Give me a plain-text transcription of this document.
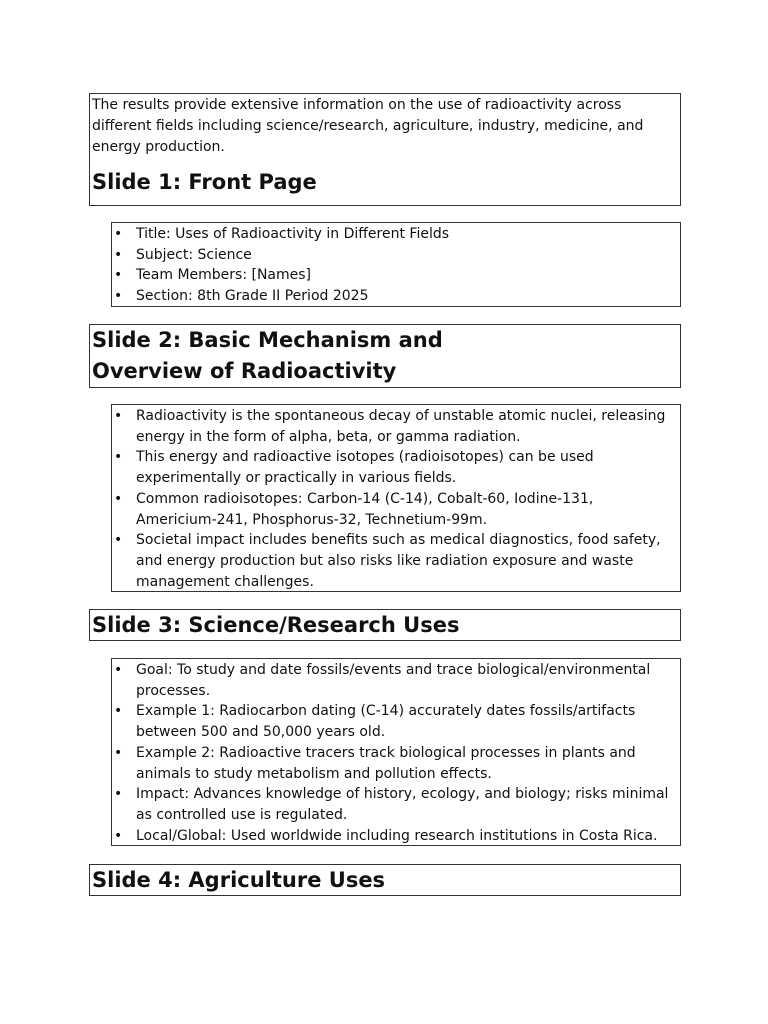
The results provide extensive information on the use of radioactivity across different fields including science/research, agriculture, industry, medicine, and energy production.

Slide 1: Front Page
• Title: Uses of Radioactivity in Different Fields
• Subject: Science
• Team Members: [Names]
• Section: 8th Grade II Period 2025
Slide 2: Basic Mechanism and Overview of Radioactivity
• Radioactivity is the spontaneous decay of unstable atomic nuclei, releasing energy in the form of alpha, beta, or gamma radiation.
• This energy and radioactive isotopes (radioisotopes) can be used experimentally or practically in various fields.
• Common radioisotopes: Carbon-14 (C-14), Cobalt-60, Iodine-131, Americium-241, Phosphorus-32, Technetium-99m.
• Societal impact includes benefits such as medical diagnostics, food safety, and energy production but also risks like radiation exposure and waste management challenges.
Slide 3: Science/Research Uses
• Goal: To study and date fossils/events and trace biological/environmental processes.
• Example 1: Radiocarbon dating (C-14) accurately dates fossils/artifacts between 500 and 50,000 years old.
• Example 2: Radioactive tracers track biological processes in plants and animals to study metabolism and pollution effects.
• Impact: Advances knowledge of history, ecology, and biology; risks minimal as controlled use is regulated.
• Local/Global: Used worldwide including research institutions in Costa Rica.
Slide 4: Agriculture Uses
